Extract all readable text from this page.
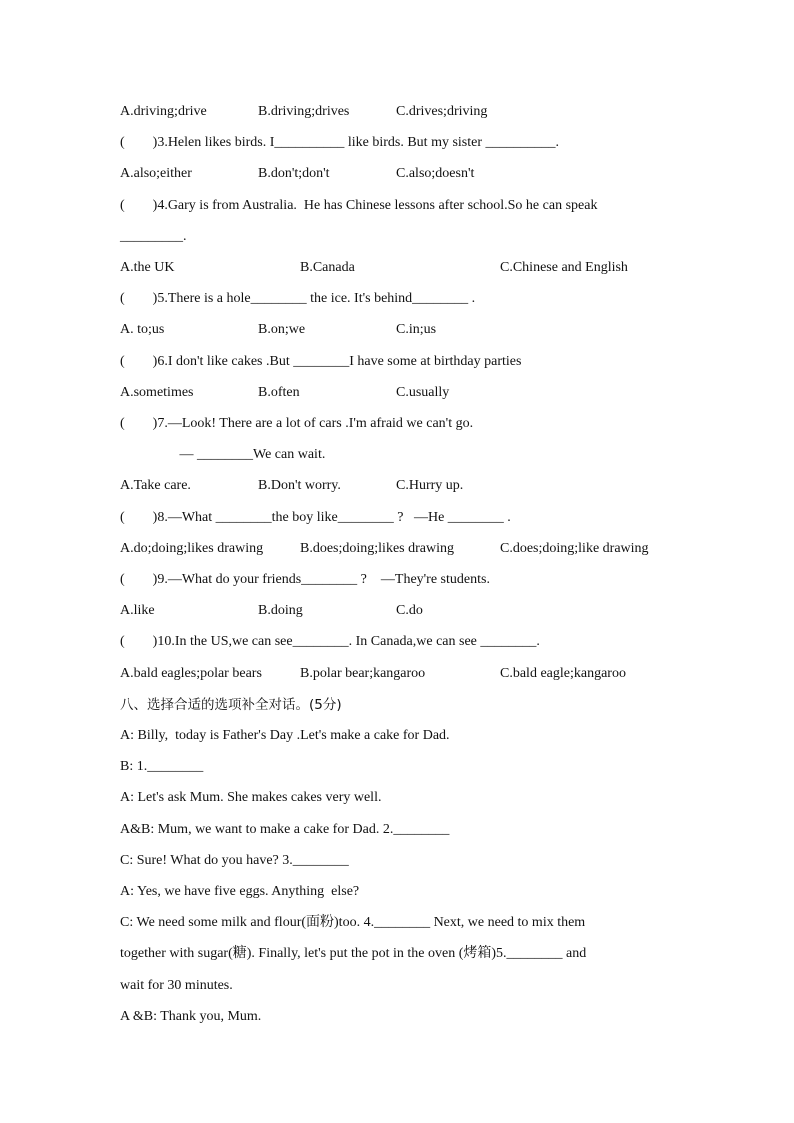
A.driving;drive

	B.driving;drives

	C.drives;driving

(        )3.Helen likes birds. I__________ like birds. But my sister __________.

A.also;either

	B.don't;don't

	C.also;doesn't

(        )4.Gary is from Australia.  He has Chinese lessons after school.So he can speak
_________.

A.the UK

	B.Canada

	C.Chinese and English

(        )5.There is a hole________ the ice. It's behind________ .

A. to;us

	B.on;we

	C.in;us

(        )6.I don't like cakes .But ________I have some at birthday parties

A.sometimes

	B.often

	C.usually

(        )7.—Look! There are a lot of cars .I'm afraid we can't go.
— ________We can wait.

A.Take care.

	B.Don't worry.

	C.Hurry up.

(        )8.—What ________the boy like________ ?   —He ________ .

A.do;doing;likes drawing

	B.does;doing;likes drawing

	C.does;doing;like drawing

(        )9.—What do your friends________ ?    —They're students.

A.like

	B.doing

	C.do

(        )10.In the US,we can see________. In Canada,we can see ________.

A.bald eagles;polar bears

	B.polar bear;kangaroo

	C.bald eagle;kangaroo

八、选择合适的选项补全对话。(5分)
A: Billy,  today is Father's Day .Let's make a cake for Dad.
B: 1.________
A: Let's ask Mum. She makes cakes very well.
A&B: Mum, we want to make a cake for Dad. 2.________
C: Sure! What do you have? 3.________
A: Yes, we have five eggs. Anything  else?
C: We need some milk and flour(面粉)too. 4.________ Next, we need to mix them
together with sugar(糖). Finally, let's put the pot in the oven (烤箱)5.________ and
wait for 30 minutes.
A &B: Thank you, Mum.
